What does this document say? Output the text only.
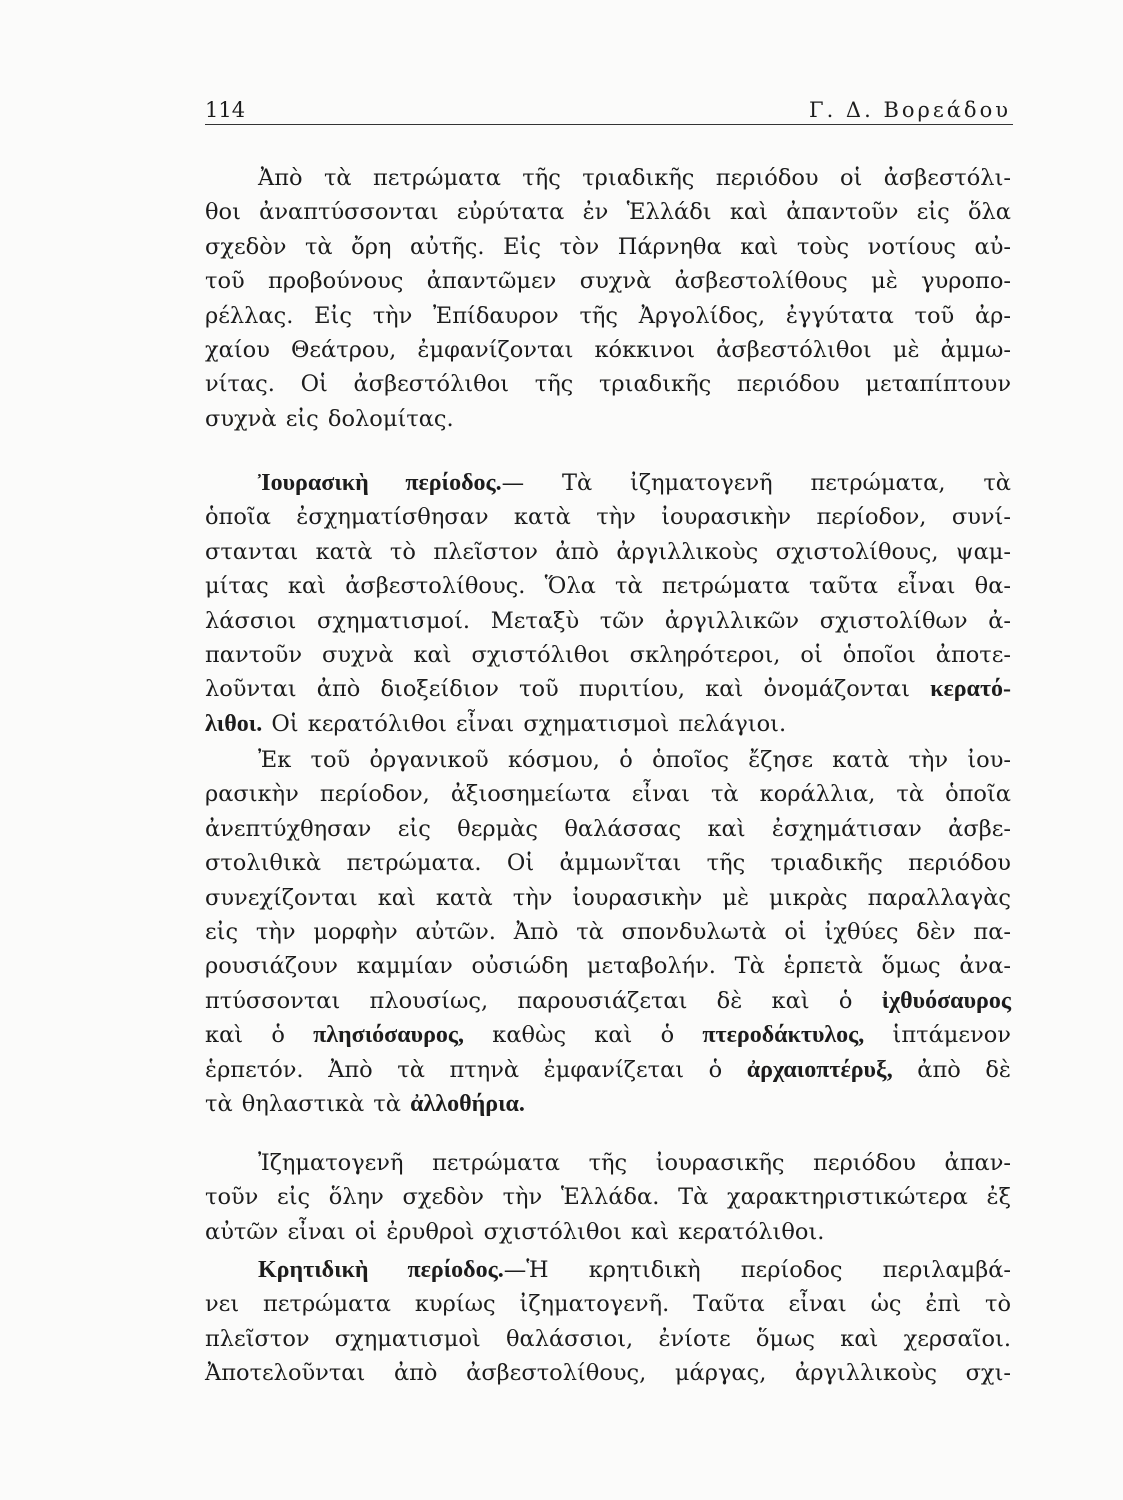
114	Γ. Δ. Βορεάδου
Ἀπὸ τὰ πετρώματα τῆς τριαδικῆς περιόδου οἱ ἀσβεστόλι-
θοι ἀναπτύσσονται εὐρύτατα ἐν Ἑλλάδι καὶ ἀπαντοῦν εἰς ὅλα
σχεδὸν τὰ ὄρη αὐτῆς. Εἰς τὸν Πάρνηθα καὶ τοὺς νοτίους αὐ-
τοῦ προβούνους ἀπαντῶμεν συχνὰ ἀσβεστολίθους μὲ γυροπο-
ρέλλας. Εἰς τὴν Ἐπίδαυρον τῆς Ἀργολίδος, ἐγγύτατα τοῦ ἀρ-
χαίου Θεάτρου, ἐμφανίζονται κόκκινοι ἀσβεστόλιθοι μὲ ἀμμω-
νίτας. Οἱ ἀσβεστόλιθοι τῆς τριαδικῆς περιόδου μεταπίπτουν
συχνὰ εἰς δολομίτας.
Ἰουρασικὴ περίοδος.— Τὰ ἰζηματογενῆ πετρώματα, τὰ
ὁποῖα ἐσχηματίσθησαν κατὰ τὴν ἰουρασικὴν περίοδον, συνί-
στανται κατὰ τὸ πλεῖστον ἀπὸ ἀργιλλικοὺς σχιστολίθους, ψαμ-
μίτας καὶ ἀσβεστολίθους. Ὅλα τὰ πετρώματα ταῦτα εἶναι θα-
λάσσιοι σχηματισμοί. Μεταξὺ τῶν ἀργιλλικῶν σχιστολίθων ἀ-
παντοῦν συχνὰ καὶ σχιστόλιθοι σκληρότεροι, οἱ ὁποῖοι ἀποτε-
λοῦνται ἀπὸ διοξείδιον τοῦ πυριτίου, καὶ ὀνομάζονται κερατό-
λιθοι. Οἱ κερατόλιθοι εἶναι σχηματισμοὶ πελάγιοι.
Ἐκ τοῦ ὀργανικοῦ κόσμου, ὁ ὁποῖος ἔζησε κατὰ τὴν ἰου-
ρασικὴν περίοδον, ἀξιοσημείωτα εἶναι τὰ κοράλλια, τὰ ὁποῖα
ἀνεπτύχθησαν εἰς θερμὰς θαλάσσας καὶ ἐσχημάτισαν ἀσβε-
στολιθικὰ πετρώματα. Οἱ ἀμμωνῖται τῆς τριαδικῆς περιόδου
συνεχίζονται καὶ κατὰ τὴν ἰουρασικὴν μὲ μικρὰς παραλλαγὰς
εἰς τὴν μορφὴν αὐτῶν. Ἀπὸ τὰ σπονδυλωτὰ οἱ ἰχθύες δὲν πα-
ρουσιάζουν καμμίαν οὐσιώδη μεταβολήν. Τὰ ἑρπετὰ ὅμως ἀνα-
πτύσσονται πλουσίως, παρουσιάζεται δὲ καὶ ὁ ἰχθυόσαυρος
καὶ ὁ πλησιόσαυρος, καθὼς καὶ ὁ πτεροδάκτυλος, ἱπτάμενον
ἑρπετόν. Ἀπὸ τὰ πτηνὰ ἐμφανίζεται ὁ ἀρχαιοπτέρυξ, ἀπὸ δὲ
τὰ θηλαστικὰ τὰ ἀλλοθήρια.
Ἰζηματογενῆ πετρώματα τῆς ἰουρασικῆς περιόδου ἀπαν-
τοῦν εἰς ὅλην σχεδὸν τὴν Ἑλλάδα. Τὰ χαρακτηριστικώτερα ἐξ
αὐτῶν εἶναι οἱ ἐρυθροὶ σχιστόλιθοι καὶ κερατόλιθοι.
Κρητιδικὴ περίοδος.—Ἡ κρητιδικὴ περίοδος περιλαμβά-
νει πετρώματα κυρίως ἰζηματογενῆ. Ταῦτα εἶναι ὡς ἐπὶ τὸ
πλεῖστον σχηματισμοὶ θαλάσσιοι, ἐνίοτε ὅμως καὶ χερσαῖοι.
Ἀποτελοῦνται ἀπὸ ἀσβεστολίθους, μάργας, ἀργιλλικοὺς σχι-
